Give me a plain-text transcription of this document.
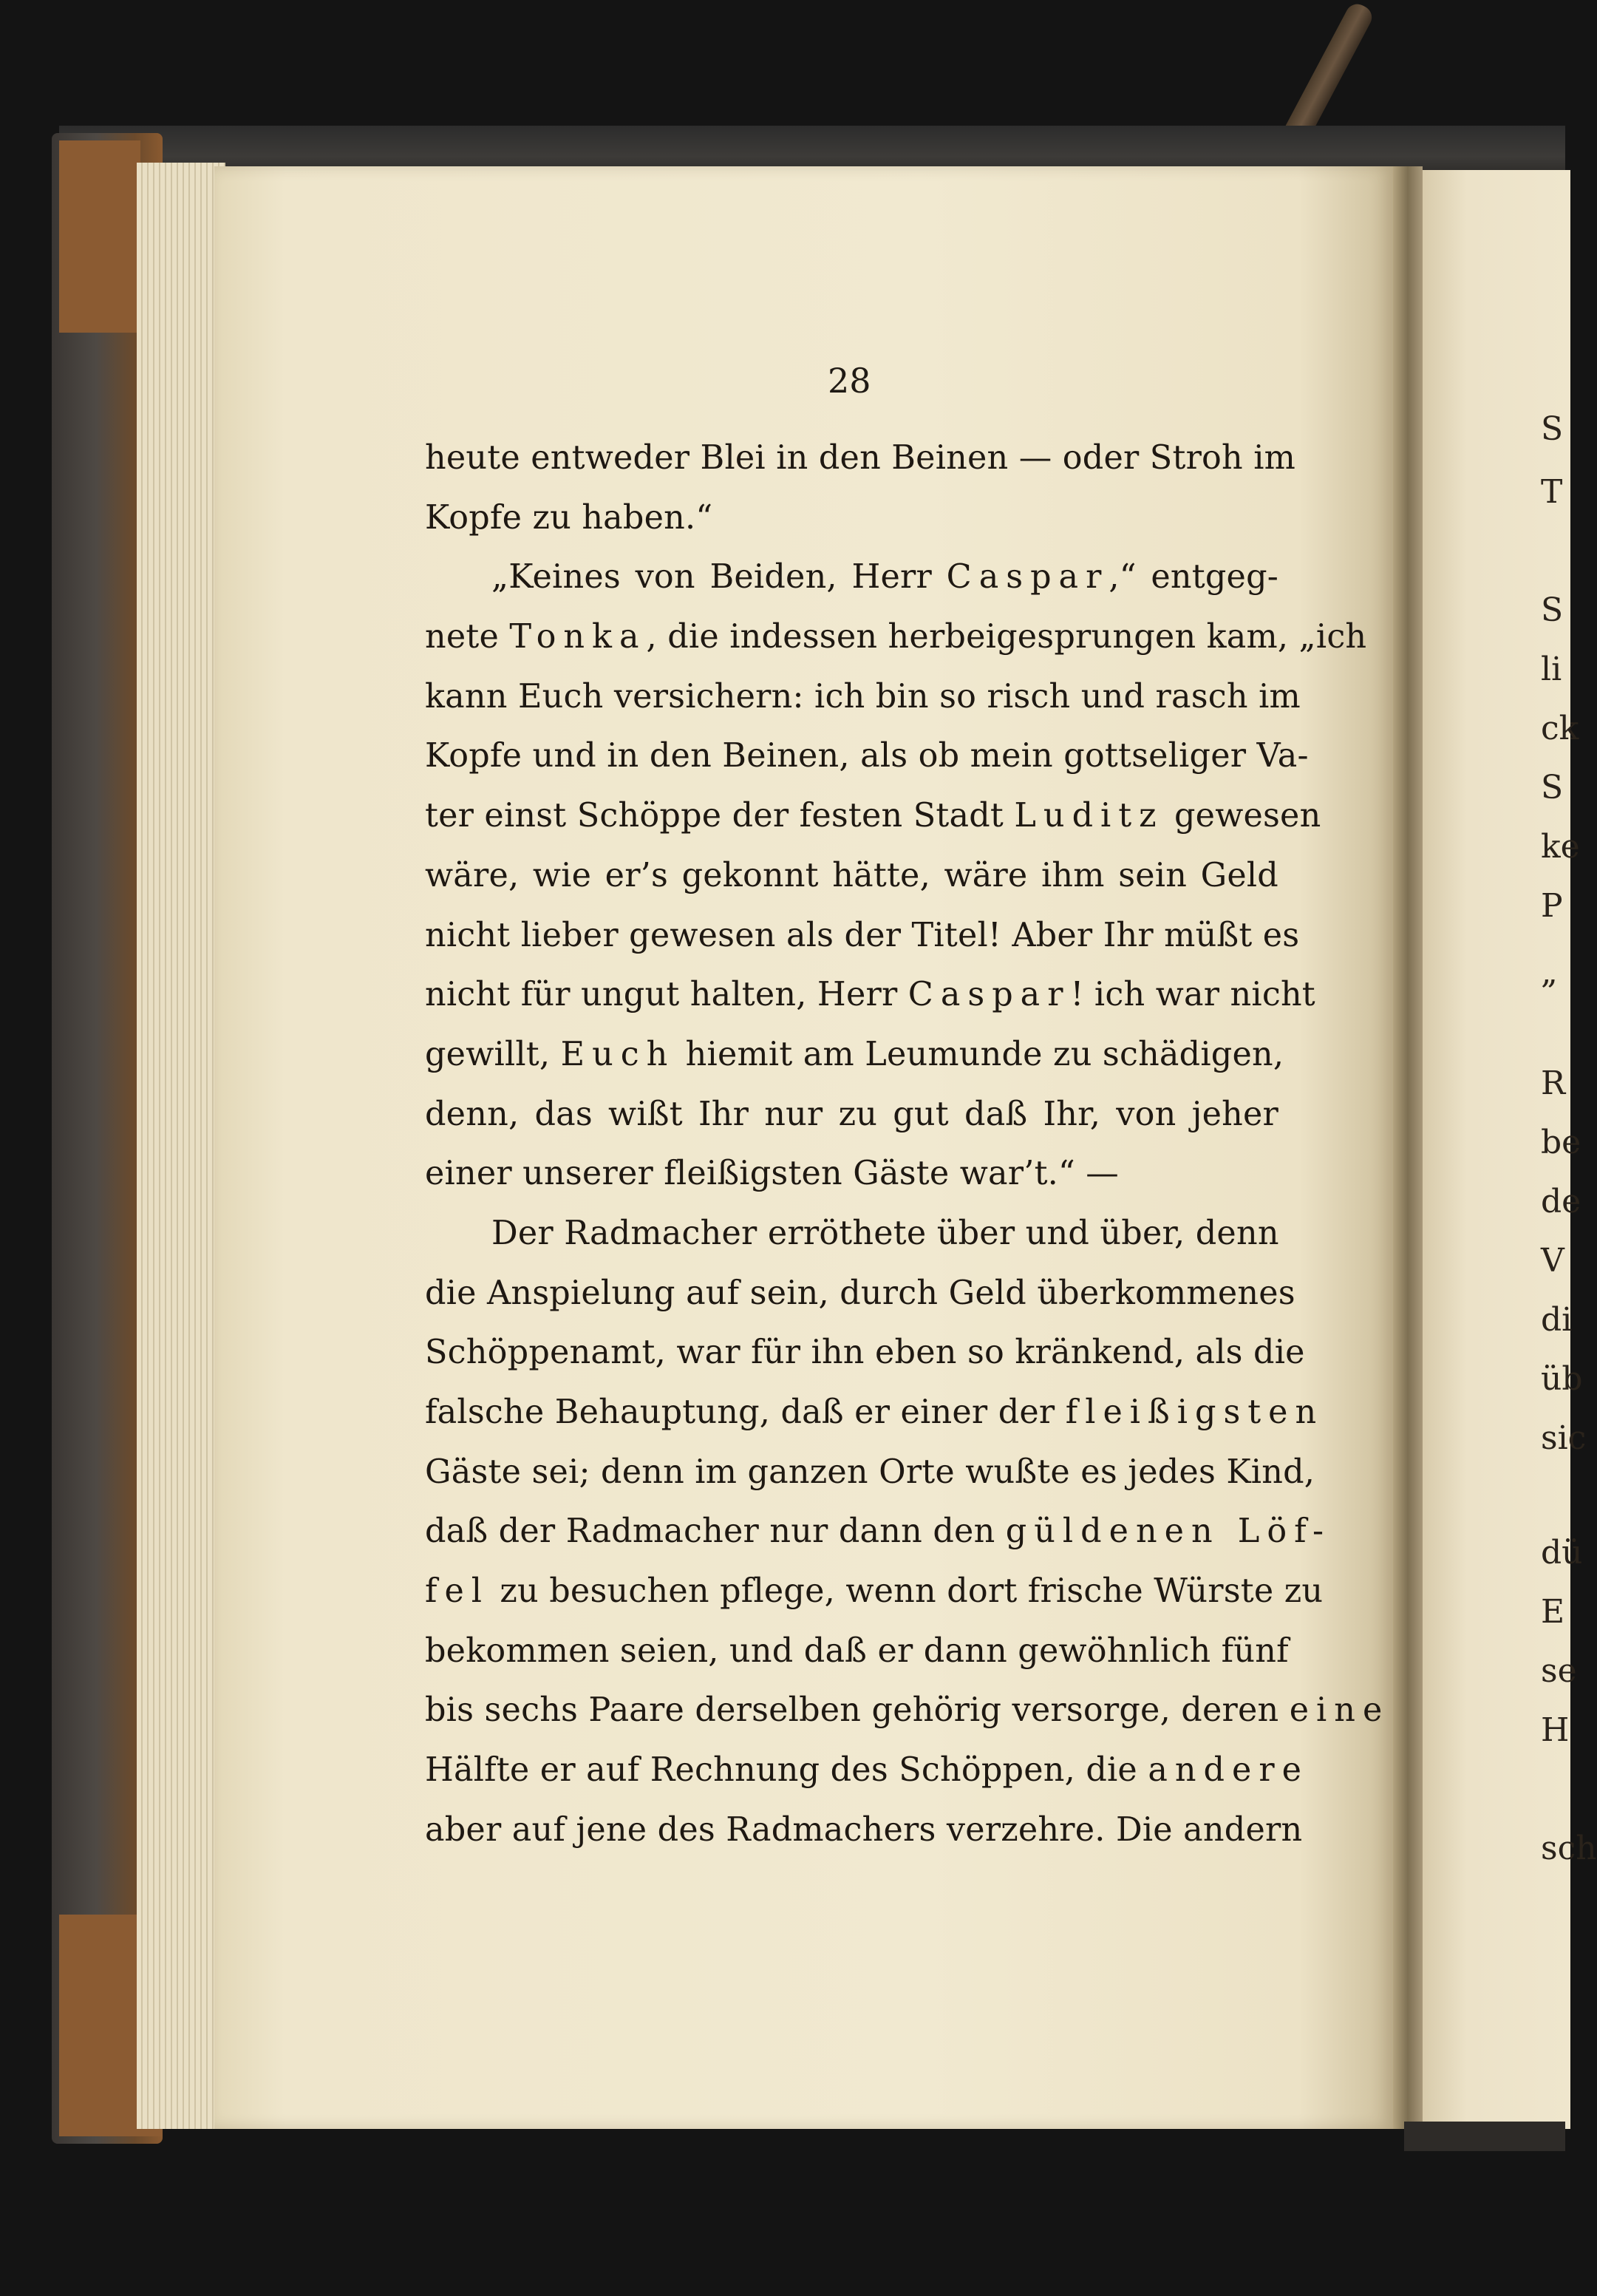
28
heute entweder Blei in den Beinen — oder Stroh im
Kopfe zu haben.“
„Keines von Beiden, Herr Caspar,“ entgeg-
nete Tonka, die indessen herbeigesprungen kam, „ich
kann Euch versichern: ich bin so risch und rasch im
Kopfe und in den Beinen, als ob mein gottseliger Va-
ter einst Schöppe der festen Stadt Luditz gewesen
wäre, wie er’s gekonnt hätte, wäre ihm sein Geld
nicht lieber gewesen als der Titel! Aber Ihr müßt es
nicht für ungut halten, Herr Caspar! ich war nicht
gewillt, Euch hiemit am Leumunde zu schädigen,
denn, das wißt Ihr nur zu gut daß Ihr, von jeher
einer unserer fleißigsten Gäste war’t.“ —
Der Radmacher erröthete über und über, denn
die Anspielung auf sein, durch Geld überkommenes
Schöppenamt, war für ihn eben so kränkend, als die
falsche Behauptung, daß er einer der fleißigsten
Gäste sei; denn im ganzen Orte wußte es jedes Kind,
daß der Radmacher nur dann den güldenen Löf-
fel zu besuchen pflege, wenn dort frische Würste zu
bekommen seien, und daß er dann gewöhnlich fünf
bis sechs Paare derselben gehörig versorge, deren eine
Hälfte er auf Rechnung des Schöppen, die andere
aber auf jene des Radmachers verzehre. Die andern
S
T
S
li
ck
S
ke
P
„
R
be
de
V
di
üb
sic
dü
E
se
H
sch
